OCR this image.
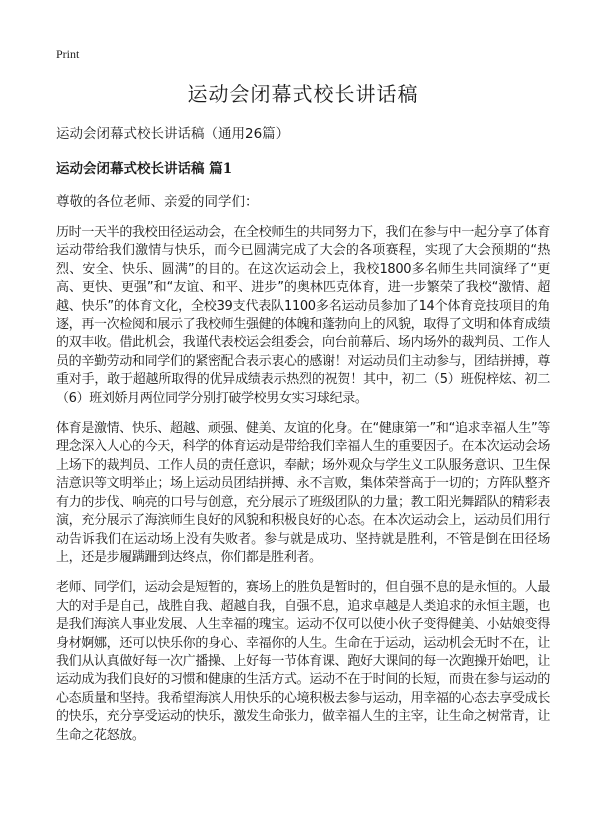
Print

运动会闭幕式校长讲话稿

运动会闭幕式校长讲话稿（通用26篇）

运动会闭幕式校长讲话稿 篇1

尊敬的各位老师、亲爱的同学们：

历时一天半的我校田径运动会，在全校师生的共同努力下，我们在参与中一起分享了体育运动带给我们激情与快乐，而今已圆满完成了大会的各项赛程，实现了大会预期的“热烈、安全、快乐、圆满”的目的。在这次运动会上，我校1800多名师生共同演绎了“更高、更快、更强”和“友谊、和平、进步”的奥林匹克体育，进一步繁荣了我校“激情、超越、快乐”的体育文化，全校39支代表队1100多名运动员参加了14个体育竞技项目的角逐，再一次检阅和展示了我校师生强健的体魄和蓬勃向上的风貌，取得了文明和体育成绩的双丰收。借此机会，我谨代表校运会组委会，向台前幕后、场内场外的裁判员、工作人员的辛勤劳动和同学们的紧密配合表示衷心的感谢！对运动员们主动参与，团结拼搏，尊重对手，敢于超越所取得的优异成绩表示热烈的祝贺！其中，初二（5）班倪梓炫、初二（6）班刘娇月两位同学分别打破学校男女实习球纪录。

体育是激情、快乐、超越、顽强、健美、友谊的化身。在“健康第一”和“追求幸福人生”等理念深入人心的今天，科学的体育运动是带给我们幸福人生的重要因子。在本次运动会场上场下的裁判员、工作人员的责任意识，奉献；场外观众与学生义工队服务意识、卫生保洁意识等文明举止；场上运动员团结拼搏、永不言败，集体荣誉高于一切的；方阵队整齐有力的步伐、响亮的口号与创意，充分展示了班级团队的力量；教工阳光舞蹈队的精彩表演，充分展示了海滨师生良好的风貌和积极良好的心态。在本次运动会上，运动员们用行动告诉我们在运动场上没有失败者。参与就是成功、坚持就是胜利，不管是倒在田径场上，还是步履蹒跚到达终点，你们都是胜利者。

老师、同学们，运动会是短暂的，赛场上的胜负是暂时的，但自强不息的是永恒的。人最大的对手是自己，战胜自我、超越自我，自强不息，追求卓越是人类追求的永恒主题，也是我们海滨人事业发展、人生幸福的瑰宝。运动不仅可以使小伙子变得健美、小姑娘变得身材婀娜，还可以快乐你的身心、幸福你的人生。生命在于运动，运动机会无时不在，让我们从认真做好每一次广播操、上好每一节体育课、跑好大课间的每一次跑操开始吧，让运动成为我们良好的习惯和健康的生活方式。运动不在于时间的长短，而贵在参与运动的心态质量和坚持。我希望海滨人用快乐的心境积极去参与运动，用幸福的心态去享受成长的快乐，充分享受运动的快乐，激发生命张力，做幸福人生的主宰，让生命之树常青，让生命之花怒放。
